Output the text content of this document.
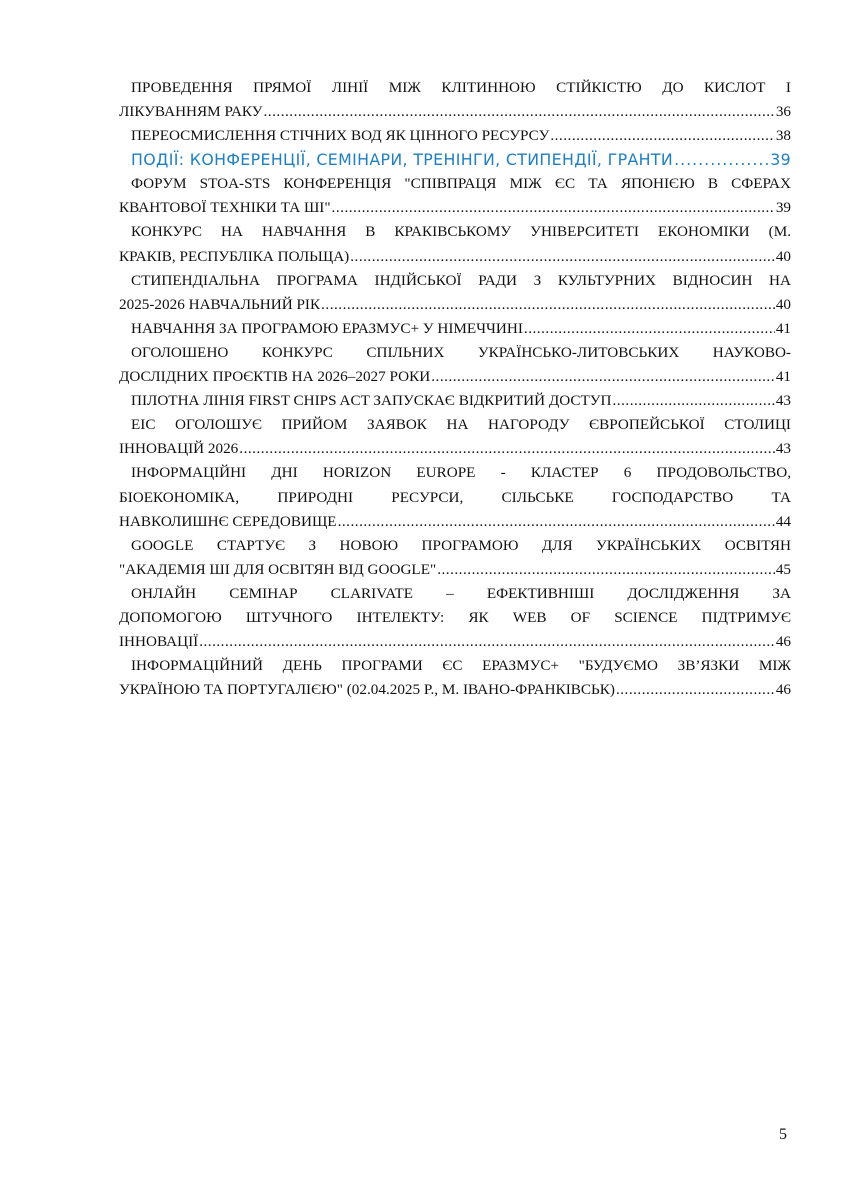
ПРОВЕДЕННЯ ПРЯМОЇ ЛІНІЇ МІЖ КЛІТИННОЮ СТІЙКІСТЮ ДО КИСЛОТ І
ЛІКУВАННЯМ РАКУ .....	36
ПЕРЕОСМИСЛЕННЯ СТІЧНИХ ВОД ЯК ЦІННОГО РЕСУРСУ .....	38
ПОДІЇ: КОНФЕРЕНЦІЇ, СЕМІНАРИ, ТРЕНІНГИ, СТИПЕНДІЇ, ГРАНТИ .....	39
ФОРУМ STOA-STS КОНФЕРЕНЦІЯ "СПІВПРАЦЯ МІЖ ЄС ТА ЯПОНІЄЮ В СФЕРАХ
КВАНТОВОЇ ТЕХНІКИ ТА ШІ" .....	39
КОНКУРС НА НАВЧАННЯ В КРАКІВСЬКОМУ УНІВЕРСИТЕТІ ЕКОНОМІКИ (М.
КРАКІВ, РЕСПУБЛІКА ПОЛЬЩА) .....	40
СТИПЕНДІАЛЬНА ПРОГРАМА ІНДІЙСЬКОЇ РАДИ З КУЛЬТУРНИХ ВІДНОСИН НА
2025-2026 НАВЧАЛЬНИЙ РІК .....	40
НАВЧАННЯ ЗА ПРОГРАМОЮ ЕРАЗМУС+ У НІМЕЧЧИНІ .....	41
ОГОЛОШЕНО КОНКУРС СПІЛЬНИХ УКРАЇНСЬКО-ЛИТОВСЬКИХ НАУКОВО-
ДОСЛІДНИХ ПРОЄКТІВ НА 2026–2027 РОКИ .....	41
ПІЛОТНА ЛІНІЯ FIRST CHIPS ACT ЗАПУСКАЄ ВІДКРИТИЙ ДОСТУП .....	43
EIC ОГОЛОШУЄ ПРИЙОМ ЗАЯВОК НА НАГОРОДУ ЄВРОПЕЙСЬКОЇ СТОЛИЦІ
ІННОВАЦІЙ 2026 .....	43
ІНФОРМАЦІЙНІ ДНІ HORIZON EUROPE - КЛАСТЕР 6 ПРОДОВОЛЬСТВО,
БІОЕКОНОМІКА, ПРИРОДНІ РЕСУРСИ, СІЛЬСЬКЕ ГОСПОДАРСТВО ТА
НАВКОЛИШНЄ СЕРЕДОВИЩЕ .....	44
GOOGLE СТАРТУЄ З НОВОЮ ПРОГРАМОЮ ДЛЯ УКРАЇНСЬКИХ ОСВІТЯН
"АКАДЕМІЯ ШІ ДЛЯ ОСВІТЯН ВІД GOOGLE" .....	45
ОНЛАЙН СЕМІНАР CLARIVATE – ЕФЕКТИВНІШІ ДОСЛІДЖЕННЯ ЗА
ДОПОМОГОЮ ШТУЧНОГО ІНТЕЛЕКТУ: ЯК WEB OF SCIENCE ПІДТРИМУЄ
ІННОВАЦІЇ .....	46
ІНФОРМАЦІЙНИЙ ДЕНЬ ПРОГРАМИ ЄС ЕРАЗМУС+ "БУДУЄМО ЗВ’ЯЗКИ МІЖ
УКРАЇНОЮ ТА ПОРТУГАЛІЄЮ" (02.04.2025 Р., М. ІВАНО-ФРАНКІВСЬК) .....	46
5
